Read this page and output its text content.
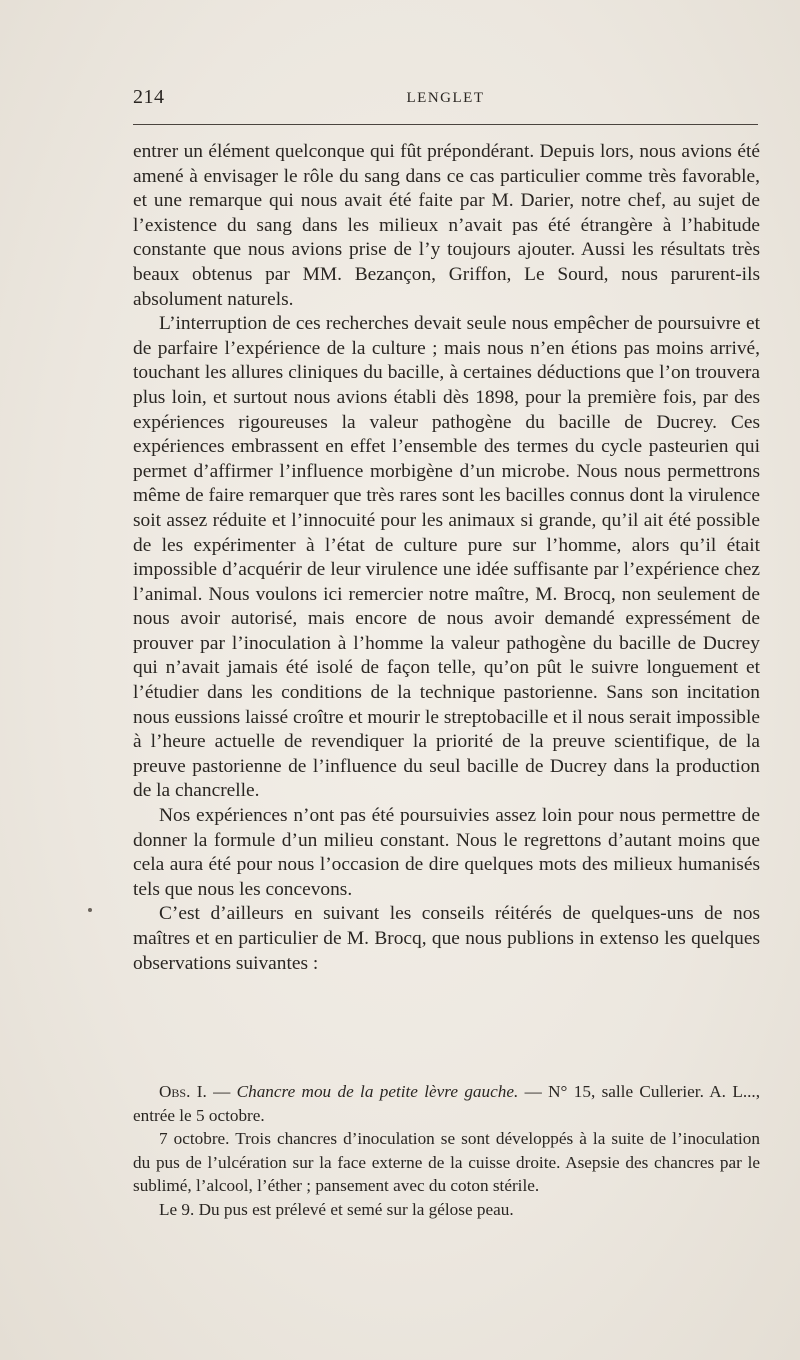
214	LENGLET

entrer un élément quelconque qui fût prépondérant. Depuis lors, nous avions été amené à envisager le rôle du sang dans ce cas particulier comme très favorable, et une remarque qui nous avait été faite par M. Darier, notre chef, au sujet de l’existence du sang dans les milieux n’avait pas été étrangère à l’habitude constante que nous avions prise de l’y toujours ajouter. Aussi les résultats très beaux obtenus par MM. Bezançon, Griffon, Le Sourd, nous parurent-ils absolument naturels.

L’interruption de ces recherches devait seule nous empêcher de poursuivre et de parfaire l’expérience de la culture ; mais nous n’en étions pas moins arrivé, touchant les allures cliniques du bacille, à certaines déductions que l’on trouvera plus loin, et surtout nous avions établi dès 1898, pour la première fois, par des expériences rigoureuses la valeur pathogène du bacille de Ducrey. Ces expériences embrassent en effet l’ensemble des termes du cycle pasteurien qui permet d’affirmer l’influence morbigène d’un microbe. Nous nous permettrons même de faire remarquer que très rares sont les bacilles connus dont la virulence soit assez réduite et l’innocuité pour les animaux si grande, qu’il ait été possible de les expérimenter à l’état de culture pure sur l’homme, alors qu’il était impossible d’acquérir de leur virulence une idée suffisante par l’expérience chez l’animal. Nous voulons ici remercier notre maître, M. Brocq, non seulement de nous avoir autorisé, mais encore de nous avoir demandé expressément de prouver par l’inoculation à l’homme la valeur pathogène du bacille de Ducrey qui n’avait jamais été isolé de façon telle, qu’on pût le suivre longuement et l’étudier dans les conditions de la technique pastorienne. Sans son incitation nous eussions laissé croître et mourir le streptobacille et il nous serait impossible à l’heure actuelle de revendiquer la priorité de la preuve scientifique, de la preuve pastorienne de l’influence du seul bacille de Ducrey dans la production de la chancrelle.

Nos expériences n’ont pas été poursuivies assez loin pour nous permettre de donner la formule d’un milieu constant. Nous le regrettons d’autant moins que cela aura été pour nous l’occasion de dire quelques mots des milieux humanisés tels que nous les concevons.

C’est d’ailleurs en suivant les conseils réitérés de quelques-uns de nos maîtres et en particulier de M. Brocq, que nous publions in extenso les quelques observations suivantes :

Obs. I. — Chancre mou de la petite lèvre gauche. — N° 15, salle Cullerier. A. L..., entrée le 5 octobre.

7 octobre. Trois chancres d’inoculation se sont développés à la suite de l’inoculation du pus de l’ulcération sur la face externe de la cuisse droite. Asepsie des chancres par le sublimé, l’alcool, l’éther ; pansement avec du coton stérile.

Le 9. Du pus est prélevé et semé sur la gélose peau.
